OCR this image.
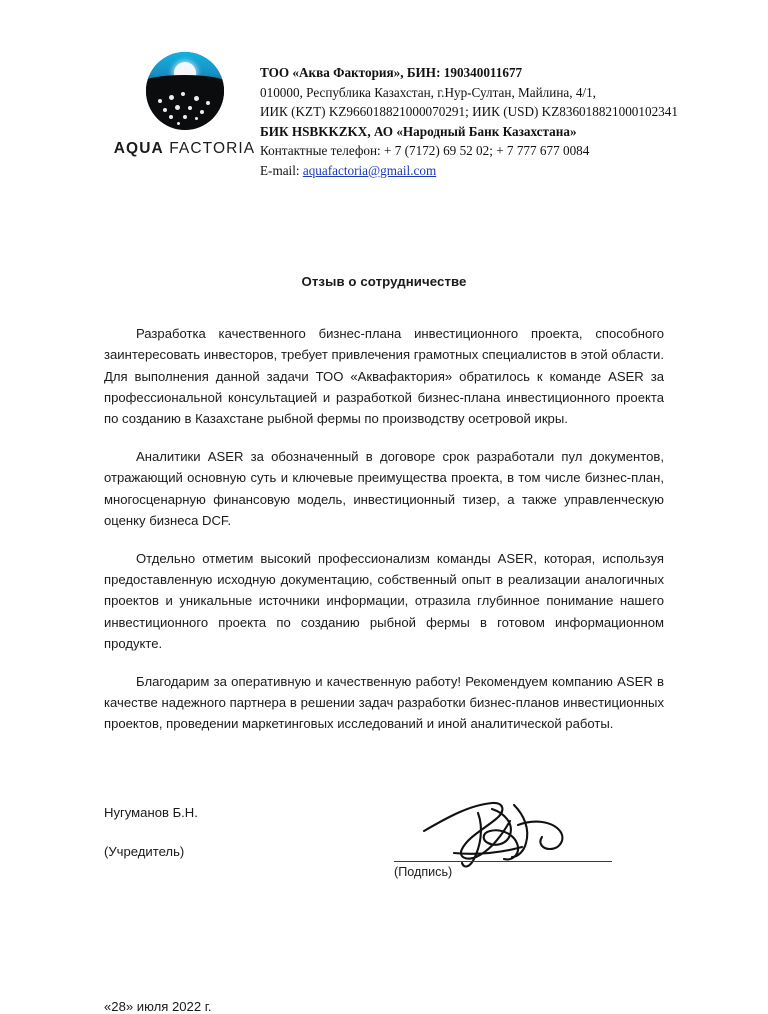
AQUA FACTORIA
ТОО «Аква Фактория», БИН: 190340011677
010000, Республика Казахстан, г.Нур-Султан, Майлина, 4/1,
ИИК (KZT) KZ966018821000070291; ИИК (USD) KZ836018821000102341
БИК HSBKKZKX, АО «Народный Банк Казахстана»
Контактные телефон: + 7 (7172) 69 52 02; + 7 777 677 0084
E-mail: aquafactoria@gmail.com
Отзыв о сотрудничестве

Разработка качественного бизнес-плана инвестиционного проекта, способного заинтересовать инвесторов, требует привлечения грамотных специалистов в этой области. Для выполнения данной задачи ТОО «Аквафактория» обратилось к команде ASER за профессиональной консультацией и разработкой бизнес-плана инвестиционного проекта по созданию в Казахстане рыбной фермы по производству осетровой икры.

Аналитики ASER за обозначенный в договоре срок разработали пул документов, отражающий основную суть и ключевые преимущества проекта, в том числе бизнес-план, многосценарную финансовую модель, инвестиционный тизер, а также управленческую оценку бизнеса DCF.

Отдельно отметим высокий профессионализм команды ASER, которая, используя предоставленную исходную документацию, собственный опыт в реализации аналогичных проектов и уникальные источники информации, отразила глубинное понимание нашего инвестиционного проекта по созданию рыбной фермы в готовом информационном продукте.

Благодарим за оперативную и качественную работу! Рекомендуем компанию ASER в качестве надежного партнера в решении задач разработки бизнес-планов инвестиционных проектов, проведении маркетинговых исследований и иной аналитической работы.

Нугуманов Б.Н.
(Учредитель)
(Подпись)
«28» июля 2022 г.
